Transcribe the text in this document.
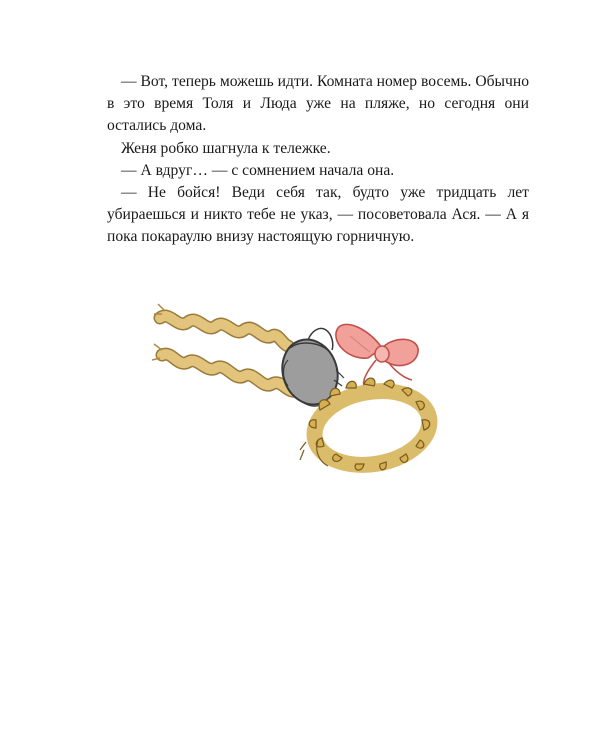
— Вот, теперь можешь идти. Комната номер восемь. Обычно в это время Толя и Люда уже на пляже, но сегодня они остались дома.

Женя робко шагнула к тележке.

— А вдруг… — с сомнением начала она.

— Не бойся! Веди себя так, будто уже тридцать лет убираешься и никто тебе не указ, — посоветовала Ася. — А я пока покараулю внизу настоящую горничную.
